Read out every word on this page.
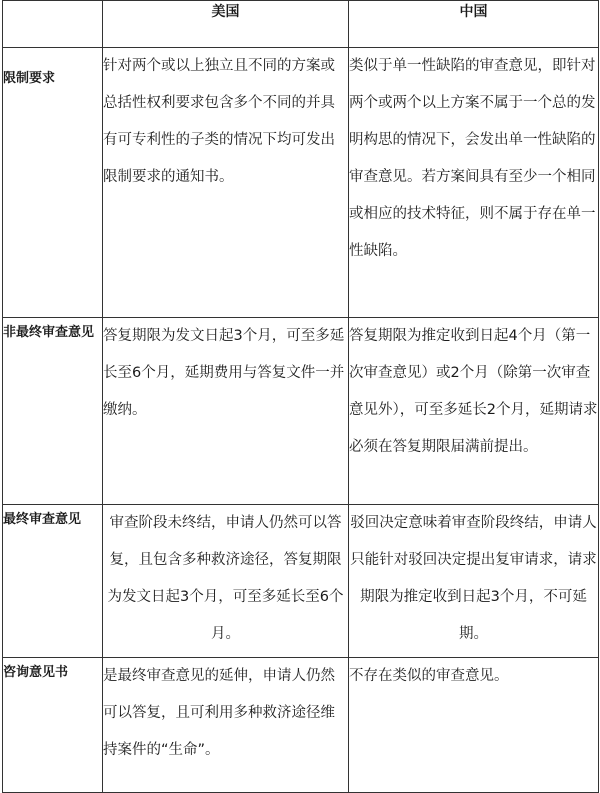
	美国	中国
限制要求	针对两个或以上独立且不同的方案或总括性权利要求包含多个不同的并具有可专利性的子类的情况下均可发出限制要求的通知书。	类似于单一性缺陷的审查意见，即针对两个或两个以上方案不属于一个总的发明构思的情况下，会发出单一性缺陷的审查意见。若方案间具有至少一个相同或相应的技术特征，则不属于存在单一性缺陷。
非最终审查意见	答复期限为发文日起3个月，可至多延长至6个月，延期费用与答复文件一并缴纳。	答复期限为推定收到日起4个月（第一次审查意见）或2个月（除第一次审查意见外），可至多延长2个月，延期请求必须在答复期限届满前提出。
最终审查意见	审查阶段未终结，申请人仍然可以答复，且包含多种救济途径，答复期限为发文日起3个月，可至多延长至6个月。	驳回决定意味着审查阶段终结，申请人只能针对驳回决定提出复审请求，请求期限为推定收到日起3个月，不可延期。
咨询意见书	是最终审查意见的延伸，申请人仍然可以答复，且可利用多种救济途径维持案件的“生命”。	不存在类似的审查意见。
